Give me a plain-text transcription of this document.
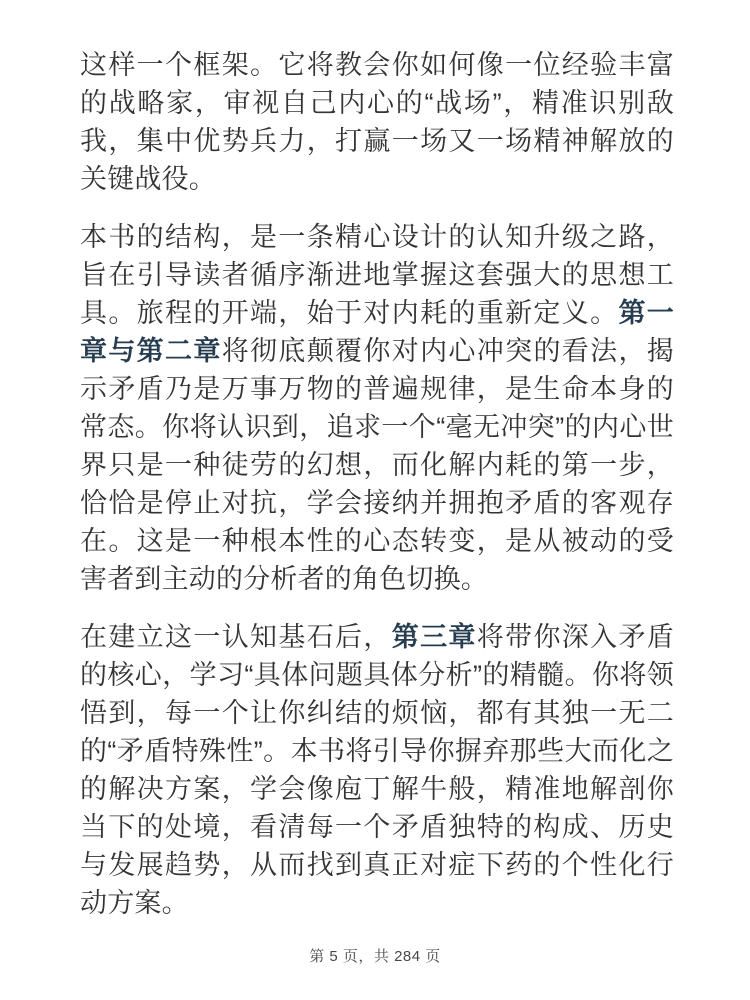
这样一个框架。它将教会你如何像一位经验丰富的战略家，审视自己内心的“战场”，精准识别敌我，集中优势兵力，打赢一场又一场精神解放的关键战役。

本书的结构，是一条精心设计的认知升级之路，旨在引导读者循序渐进地掌握这套强大的思想工具。旅程的开端，始于对内耗的重新定义。第一章与第二章将彻底颠覆你对内心冲突的看法，揭示矛盾乃是万事万物的普遍规律，是生命本身的常态。你将认识到，追求一个“毫无冲突”的内心世界只是一种徒劳的幻想，而化解内耗的第一步，恰恰是停止对抗，学会接纳并拥抱矛盾的客观存在。这是一种根本性的心态转变，是从被动的受害者到主动的分析者的角色切换。

在建立这一认知基石后，第三章将带你深入矛盾的核心，学习“具体问题具体分析”的精髓。你将领悟到，每一个让你纠结的烦恼，都有其独一无二的“矛盾特殊性”。本书将引导你摒弃那些大而化之的解决方案，学会像庖丁解牛般，精准地解剖你当下的处境，看清每一个矛盾独特的构成、历史与发展趋势，从而找到真正对症下药的个性化行动方案。

第 5 页，共 284 页
